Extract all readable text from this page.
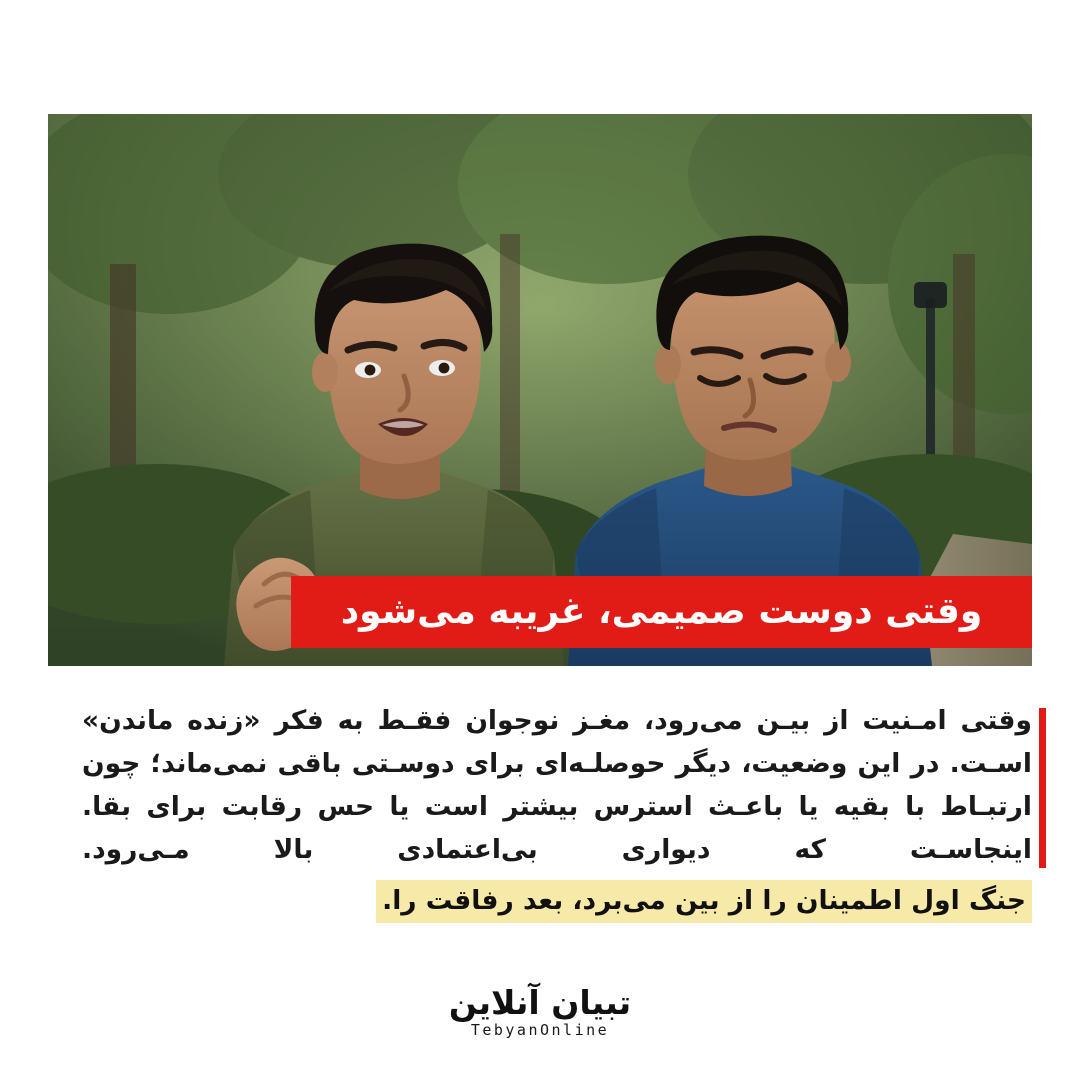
وقتی دوست صمیمی، غریبه می‌شود

وقتی امـنیت از بیـن می‌رود، مغـز نوجوان فقـط به فکر «زنده ماندن» اسـت. در این وضعیت، دیگر حوصلـه‌ای برای دوسـتی باقی نمی‌ماند؛ چون ارتبـاط با بقیه یا باعـث استرس بیشتر است یا حس رقابت برای بقا. اینجاسـت که دیواری بی‌اعتمادی بالا مـی‌رود.

جنگ اول اطمینان را از بین می‌برد، بعد رفاقت را.
تبیان آنلاین
TebyanOnline
